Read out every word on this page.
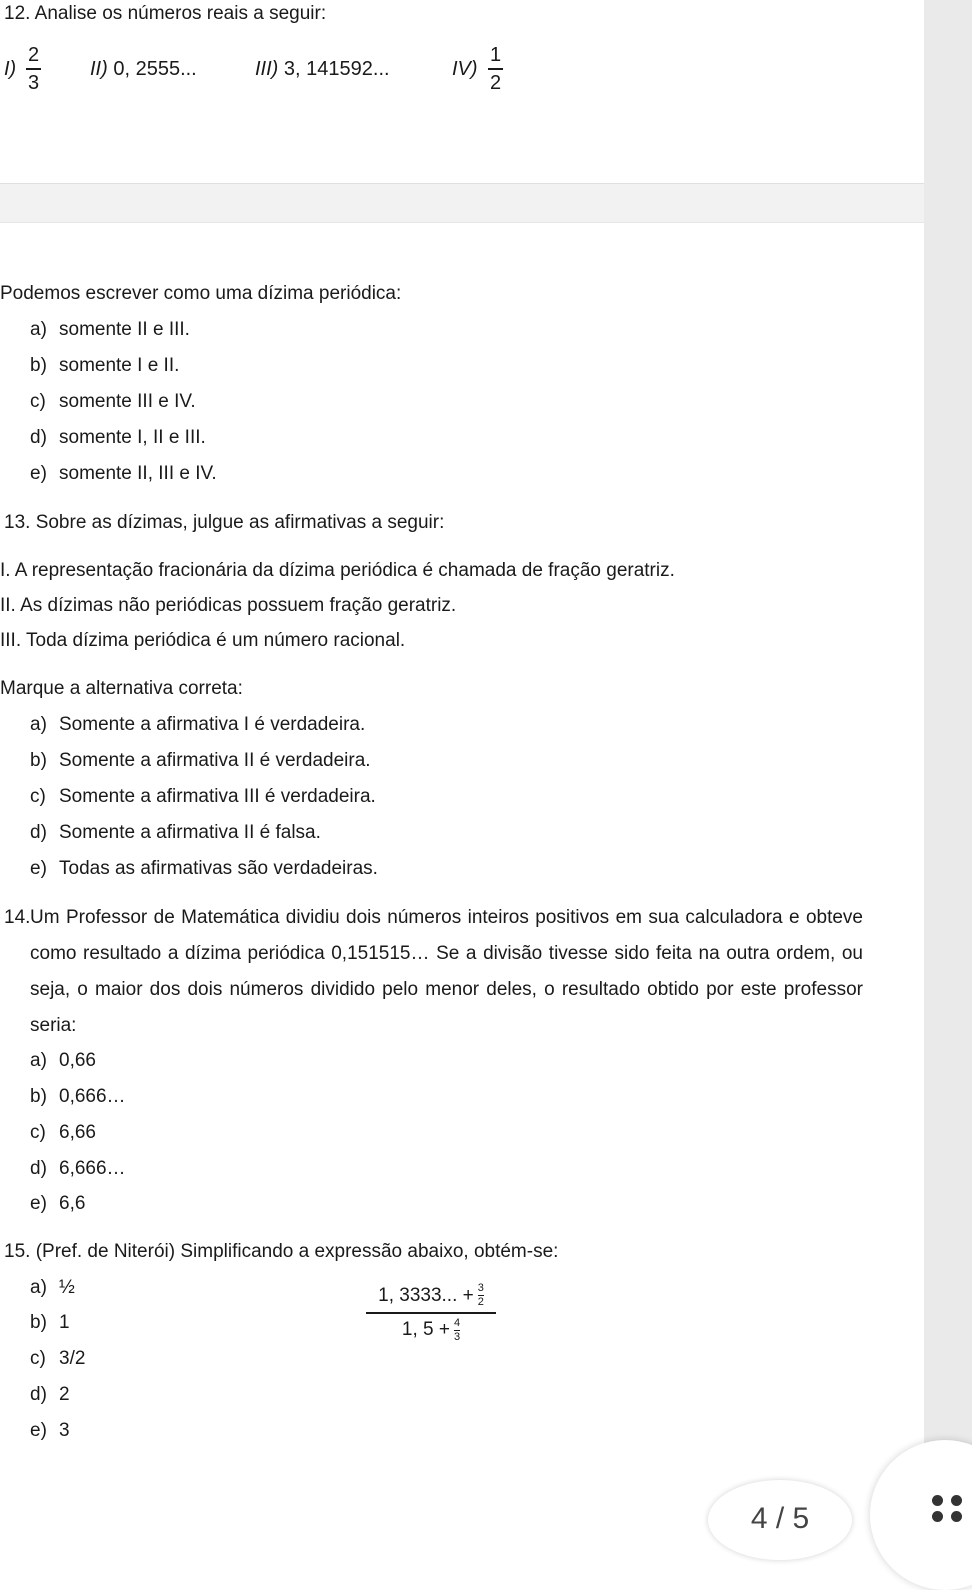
12. Analise os números reais a seguir:
I)
2
3
II) 0, 2555...	III) 3, 141592...	IV)
1
2
Podemos escrever como uma dízima periódica:
a) somente II e III.
b) somente I e II.
c) somente III e IV.
d) somente I, II e III.
e) somente II, III e IV.
13. Sobre as dízimas, julgue as afirmativas a seguir:
I. A representação fracionária da dízima periódica é chamada de fração geratriz.
II. As dízimas não periódicas possuem fração geratriz.
III. Toda dízima periódica é um número racional.
Marque a alternativa correta:
a) Somente a afirmativa I é verdadeira.
b) Somente a afirmativa II é verdadeira.
c) Somente a afirmativa III é verdadeira.
d) Somente a afirmativa II é falsa.
e) Todas as afirmativas são verdadeiras.
14. Um Professor de Matemática dividiu dois números inteiros positivos em sua calculadora e obteve como resultado a dízima periódica 0,151515… Se a divisão tivesse sido feita na outra ordem, ou seja, o maior dos dois números dividido pelo menor deles, o resultado obtido por este professor seria:
a) 0,66
b) 0,666…
c) 6,66
d) 6,666…
e) 6,6
15. (Pref. de Niterói) Simplificando a expressão abaixo, obtém-se:
a) ½
b) 1
c) 3/2
d) 2
e) 3
1, 3333... + 3
2
1, 5 + 4
3
4 / 5
